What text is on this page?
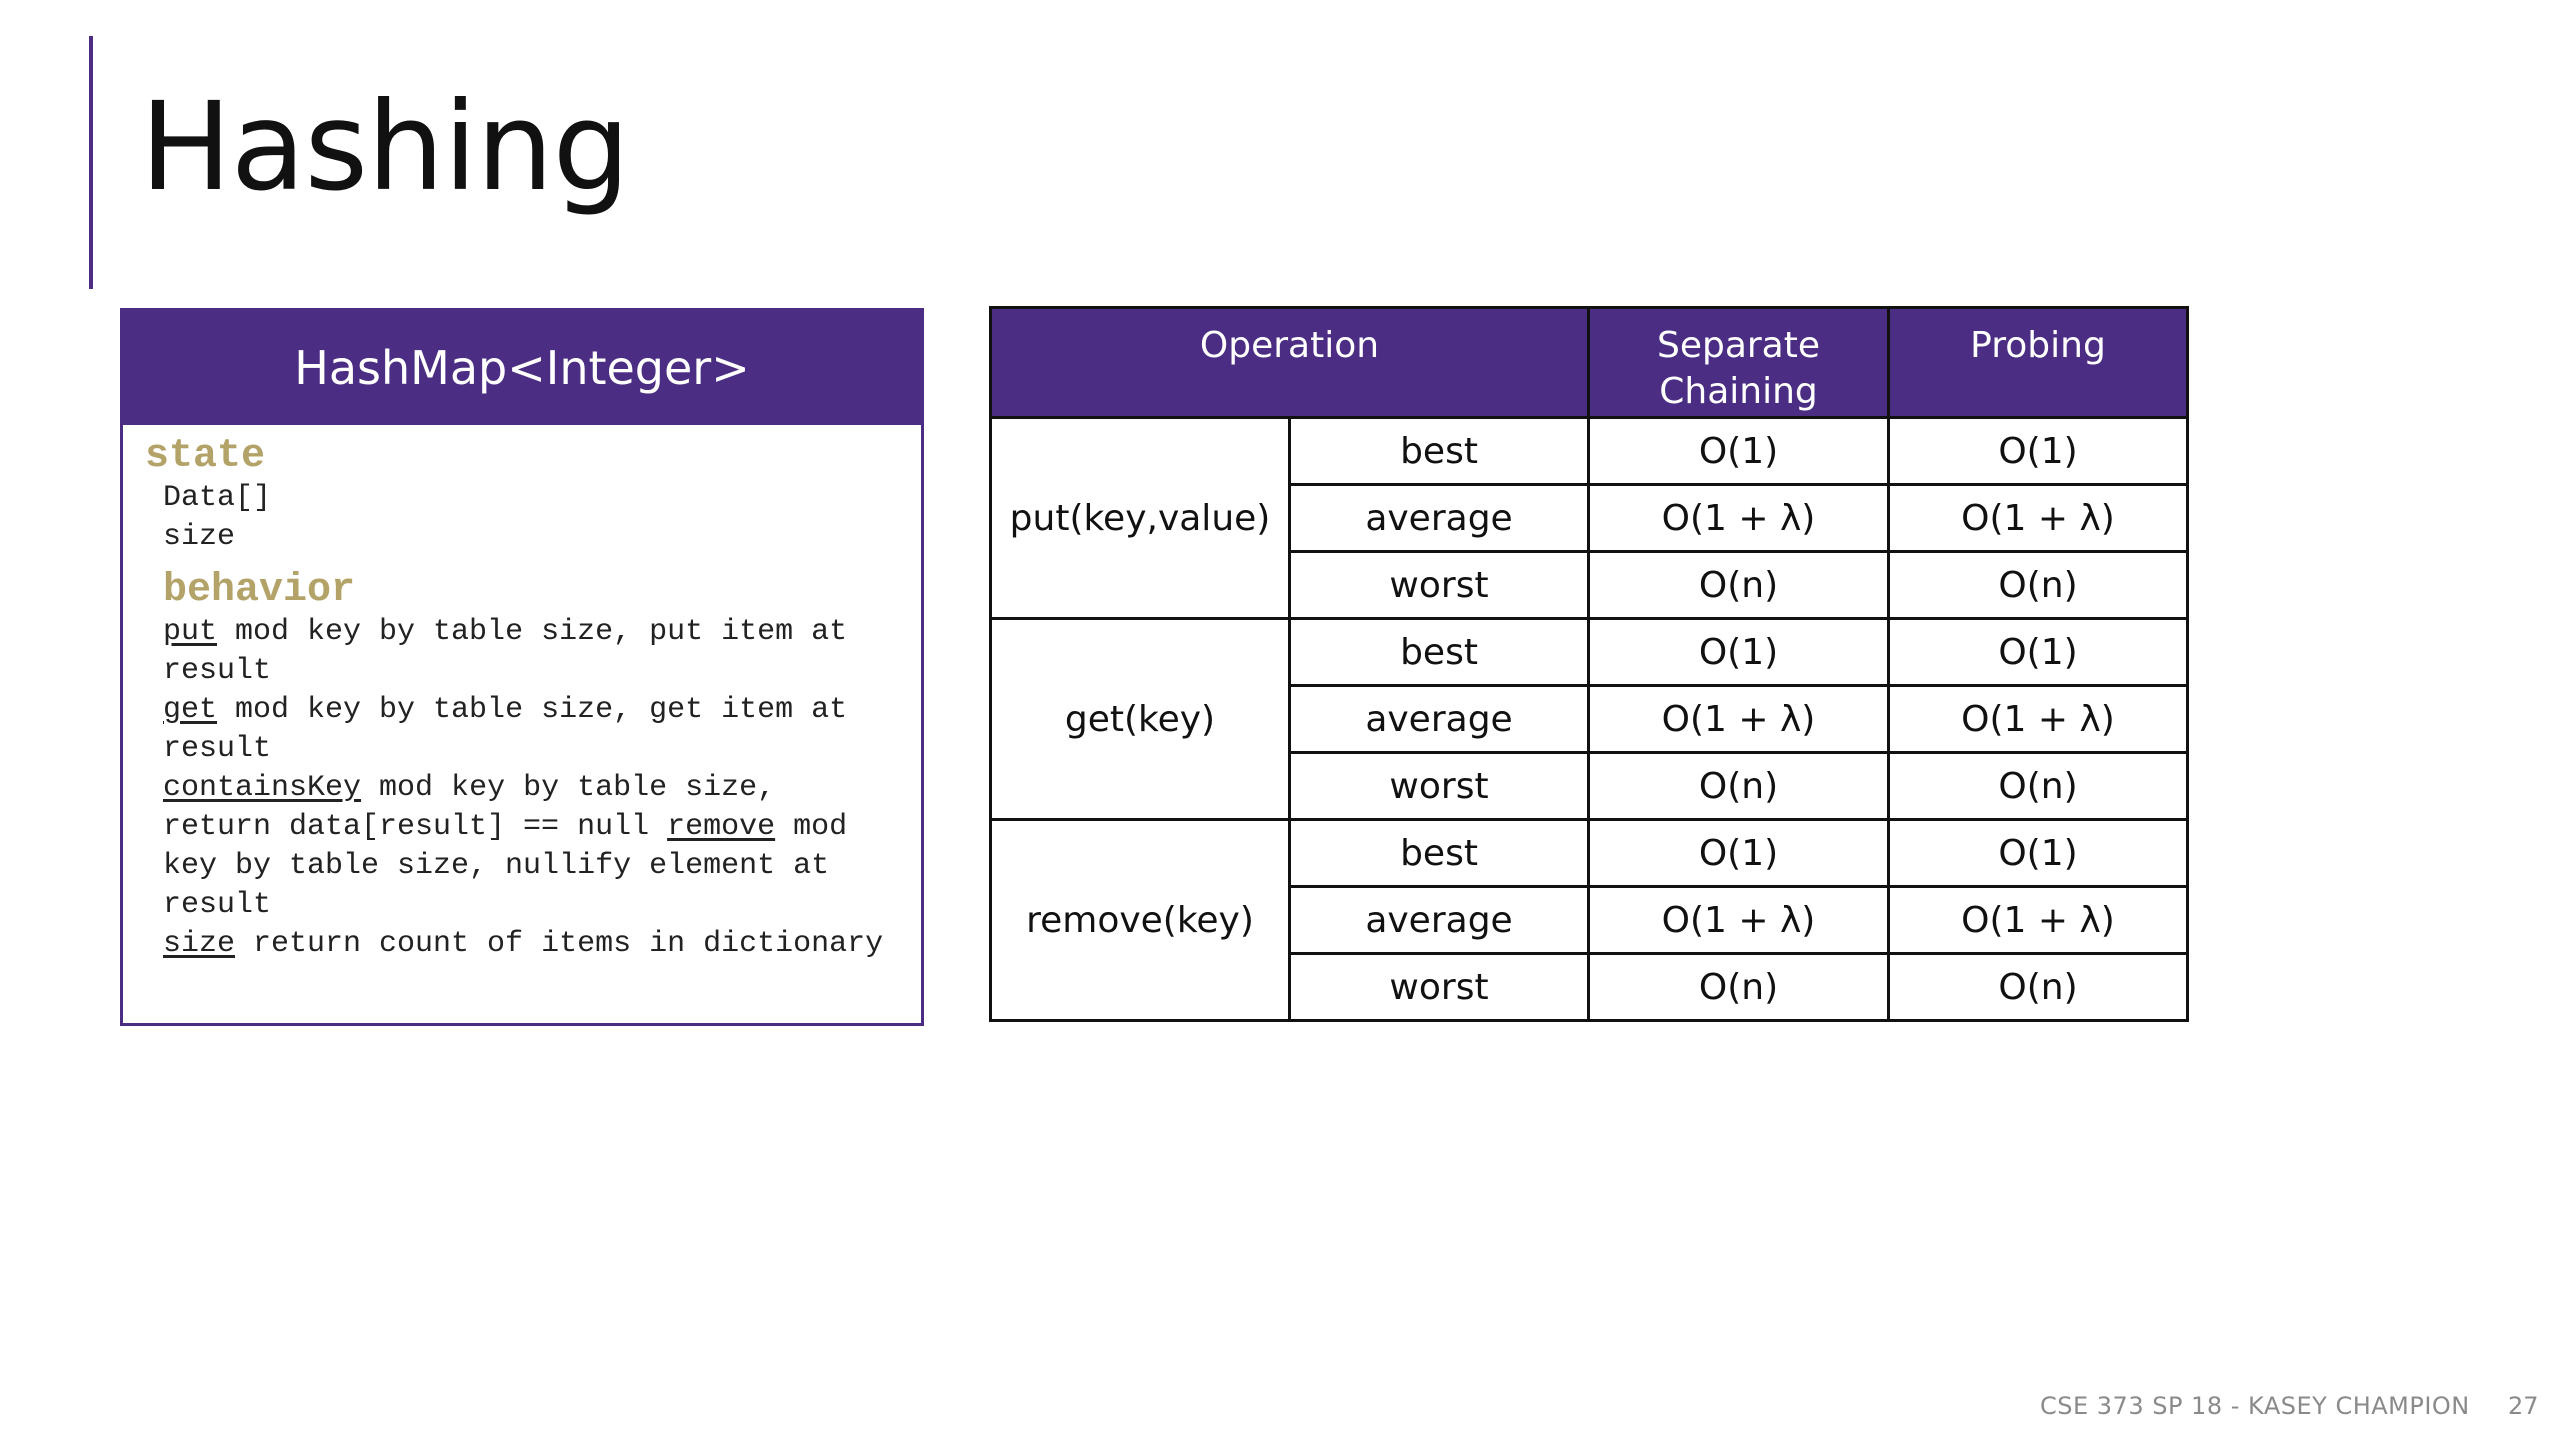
Hashing
HashMap<Integer>
state
Data[]
size
behavior
put mod key by table size, put item at result
get mod key by table size, get item at result
containsKey mod key by table size, return data[result] == null remove mod key by table size, nullify element at result
size return count of items in dictionary
Operation		Separate Chaining	Probing
put(key,value)	best	O(1)	O(1)
	average	O(1 + λ)	O(1 + λ)
	worst	O(n)	O(n)
get(key)	best	O(1)	O(1)
	average	O(1 + λ)	O(1 + λ)
	worst	O(n)	O(n)
remove(key)	best	O(1)	O(1)
	average	O(1 + λ)	O(1 + λ)
	worst	O(n)	O(n)
CSE 373 SP 18 - KASEY CHAMPION 27
